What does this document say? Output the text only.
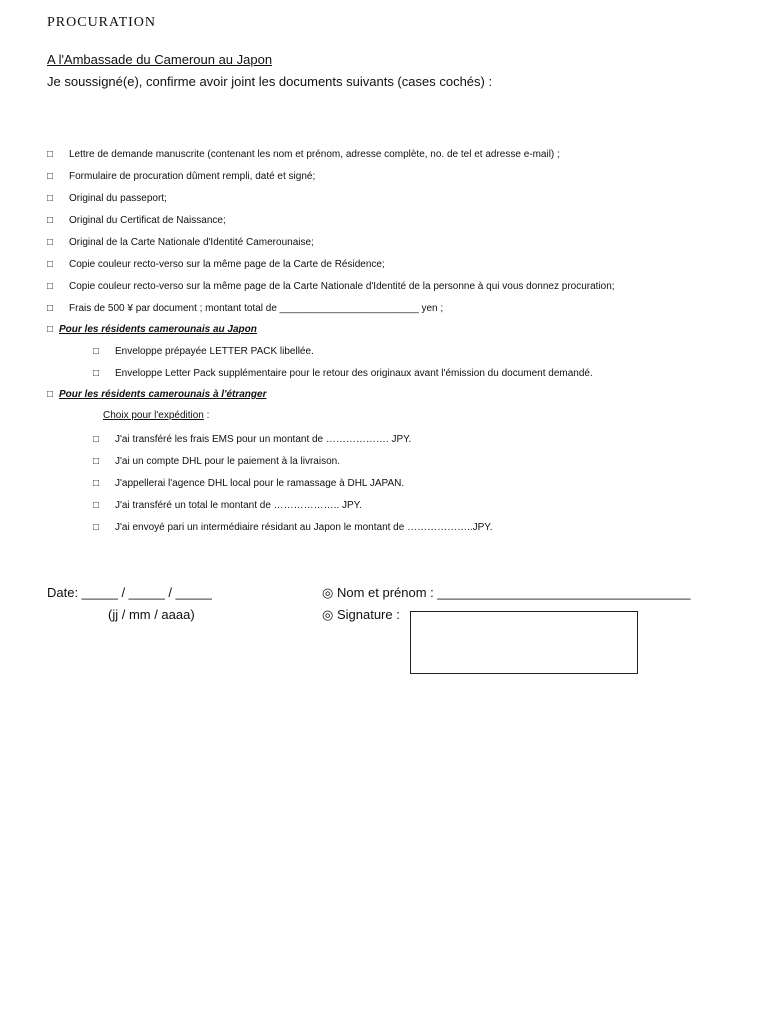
PROCURATION
A l'Ambassade du Cameroun au Japon
Je soussigné(e), confirme avoir joint les documents suivants (cases cochés) :
□ Lettre de demande manuscrite (contenant les nom et prénom, adresse complète, no. de tel et adresse e-mail) ;
□ Formulaire de procuration dûment rempli, daté et signé;
□ Original du passeport;
□ Original du Certificat de Naissance;
□ Original de la Carte Nationale d'Identité Camerounaise;
□ Copie couleur recto-verso sur la même page de la Carte de Résidence;
□ Copie couleur recto-verso sur la même page de la Carte Nationale d'Identité de la personne à qui vous donnez procuration;
□ Frais de 500 ¥ par document ; montant total de _________________________ yen ;
□ Pour les résidents camerounais au Japon
□ Enveloppe prépayée LETTER PACK libellée.
□ Enveloppe Letter Pack supplémentaire pour le retour des originaux avant l'émission du document demandé.
□ Pour les résidents camerounais à l'étranger
Choix pour l'expédition :
□ J'ai transféré les frais EMS pour un montant de ………………. JPY.
□ J'ai un compte DHL pour le paiement à la livraison.
□ J'appellerai l'agence DHL local pour le ramassage à DHL JAPAN.
□ J'ai transféré un total le montant de ……………….. JPY.
□ J'ai envoyé pari un intermédiaire résidant au Japon le montant de ………………..JPY.
Date: _____ / _____ / _____
(jj / mm / aaaa)
◎ Nom et prénom : ___________________________________
◎ Signature :
